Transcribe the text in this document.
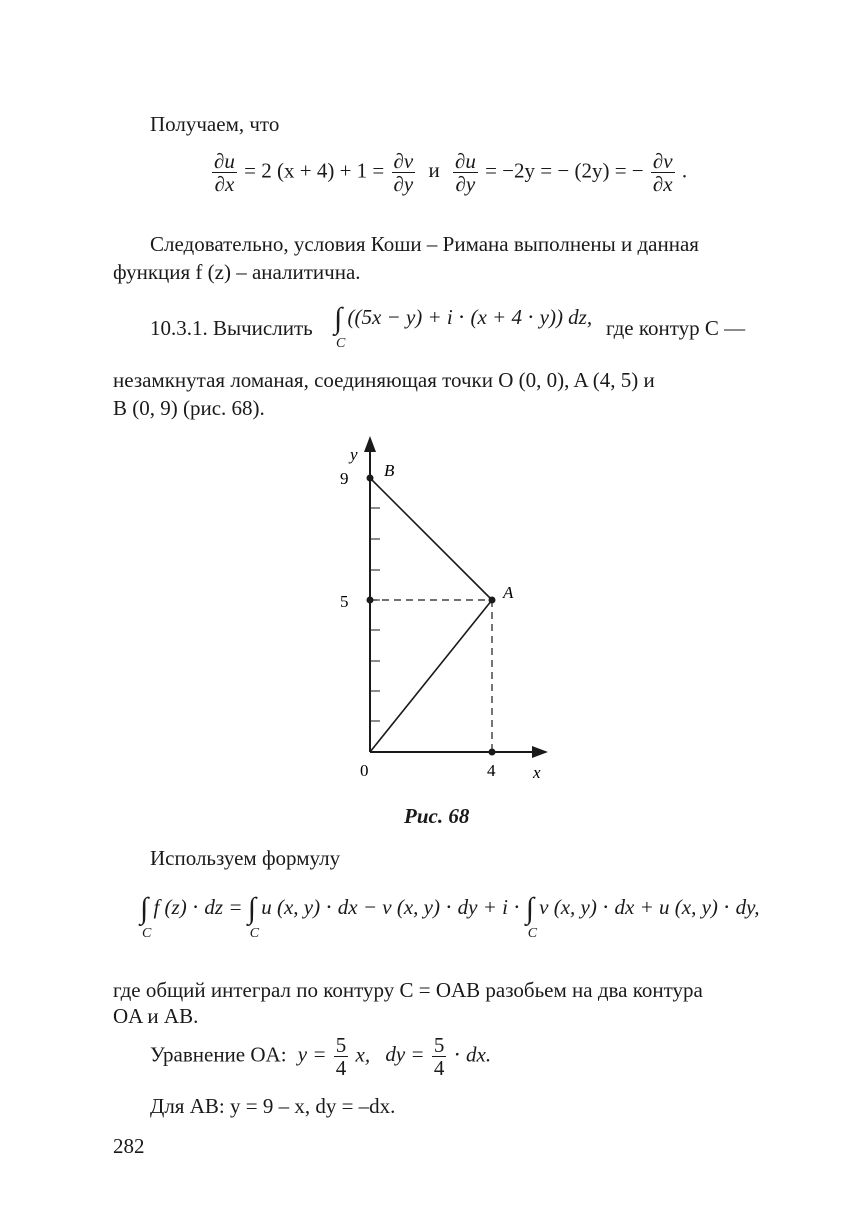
Получаем, что
$\frac{\partial u}{\partial x} = 2$ $(x + 4) + 1 = \frac{\partial v}{\partial y}$ и $\frac{\partial u}{\partial y} = -2y$ = − (2y) = − $\frac{\partial v}{\partial x}$ .
Следовательно, условия Коши – Римана выполнены и данная
функция f (z) – аналитична.
10.3.1. Вычислить ∫
C
((5x − y) + i ⋅ (x + 4 ⋅ y)) dz, где контур C —
незамкнутая ломаная, соединяющая точки O (0, 0), A (4, 5) и
B (0, 9) (рис. 68).
y
9 B
5	A
0	4 x
Рис. 68
Используем формулу
∫
C
f (z) ⋅ dz = ∫
C
u (x, y) ⋅ dx − v (x, y) ⋅ dy + i ⋅ ∫
C
v (x, y) ⋅ dx + u (x, y) ⋅ dy,
где общий интеграл по контуру C = OAB разобьем на два контура
OA и AB.
Уравнение OA: $y = \frac{5}{4} x$, dy = $\frac{5}{4}$ ⋅ dx.
Для AB: y = 9 – x, dy = –dx.
282
